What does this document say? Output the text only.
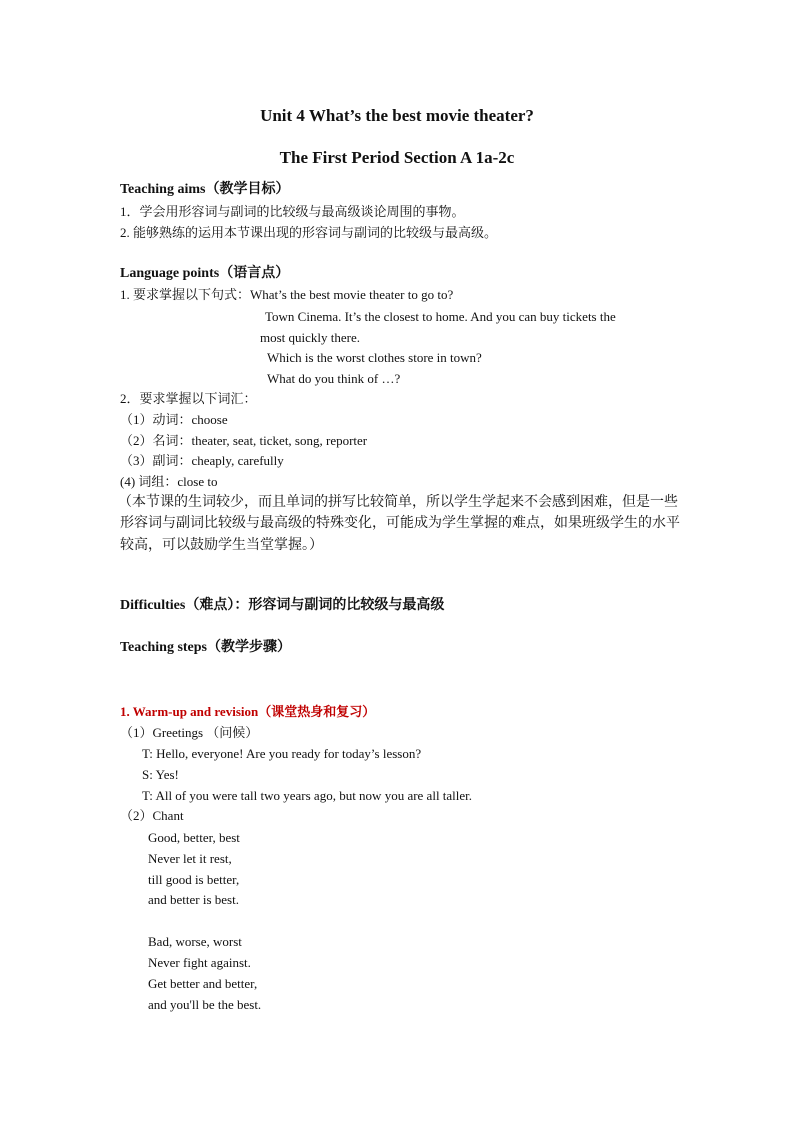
Unit 4 What’s the best movie theater?
The First Period Section A 1a-2c
Teaching aims（教学目标）
1．学会用形容词与副词的比较级与最高级谈论周围的事物。
2. 能够熟练的运用本节课出现的形容词与副词的比较级与最高级。
Language points（语言点）
1. 要求掌握以下句式：What’s the best movie theater to go to?
Town Cinema. It’s the closest to home. And you can buy tickets the
most quickly there.
Which is the worst clothes store in town?
What do you think of …?
2．要求掌握以下词汇：
（1）动词：choose
（2）名词：theater, seat, ticket, song, reporter
（3）副词：cheaply, carefully
(4) 词组：close to
（本节课的生词较少，而且单词的拼写比较简单，所以学生学起来不会感到困难，但是一些
形容词与副词比较级与最高级的特殊变化，可能成为学生掌握的难点，如果班级学生的水平
较高，可以鼓励学生当堂掌握。）
Difficulties（难点）：形容词与副词的比较级与最高级
Teaching steps（教学步骤）
1. Warm-up and revision（课堂热身和复习）
（1）Greetings （问候）
T: Hello, everyone! Are you ready for today’s lesson?
S: Yes!
T: All of you were tall two years ago, but now you are all taller.
（2）Chant
Good, better, best
Never let it rest,
till good is better,
and better is best.
Bad, worse, worst
Never fight against.
Get better and better,
and you'll be the best.
